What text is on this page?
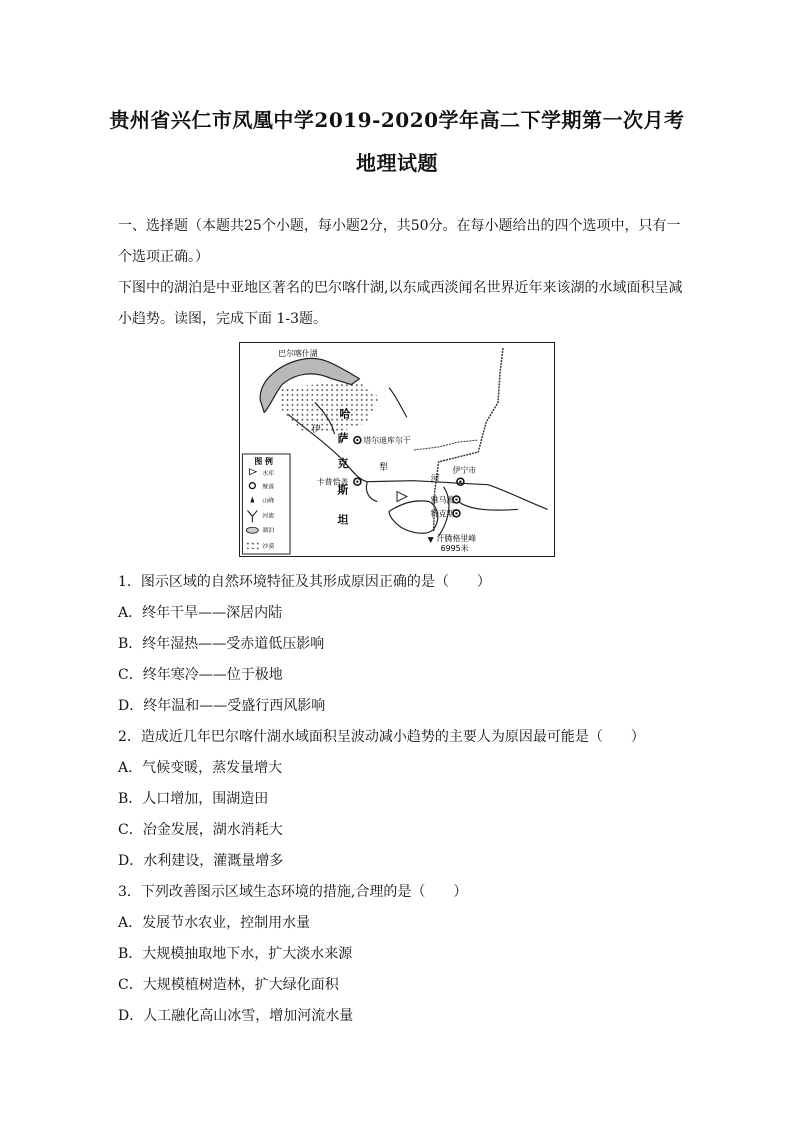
贵州省兴仁市凤凰中学2019-2020学年高二下学期第一次月考
地理试题
一、选择题（本题共25个小题，每小题2分，共50分。在每小题给出的四个选项中，只有一个选项正确。）
下图中的湖泊是中亚地区著名的巴尔喀什湖,以东咸西淡闻名世界近年来该湖的水域面积呈减小趋势。读图，完成下面 1-3题。
巴尔喀什湖
哈
萨
克
斯
坦
伊
犁
河
塔尔迪库尔干
卡普恰盖
伊宁市
雅马渡
特克斯
汗腾格里峰
6995米
图 例
水库
聚落
山峰
河流
湖泊
沙漠
1．图示区域的自然环境特征及其形成原因正确的是（　　）
A．终年干旱——深居内陆
B．终年湿热——受赤道低压影响
C．终年寒冷——位于极地
D．终年温和——受盛行西风影响
2．造成近几年巴尔喀什湖水域面积呈波动减小趋势的主要人为原因最可能是（　　）
A．气候变暖，蒸发量增大
B．人口增加，围湖造田
C．冶金发展，湖水消耗大
D．水利建设，灌溉量增多
3．下列改善图示区域生态环境的措施,合理的是（　　）
A．发展节水农业，控制用水量
B．大规模抽取地下水，扩大淡水来源
C．大规模植树造林，扩大绿化面积
D．人工融化高山冰雪，增加河流水量
